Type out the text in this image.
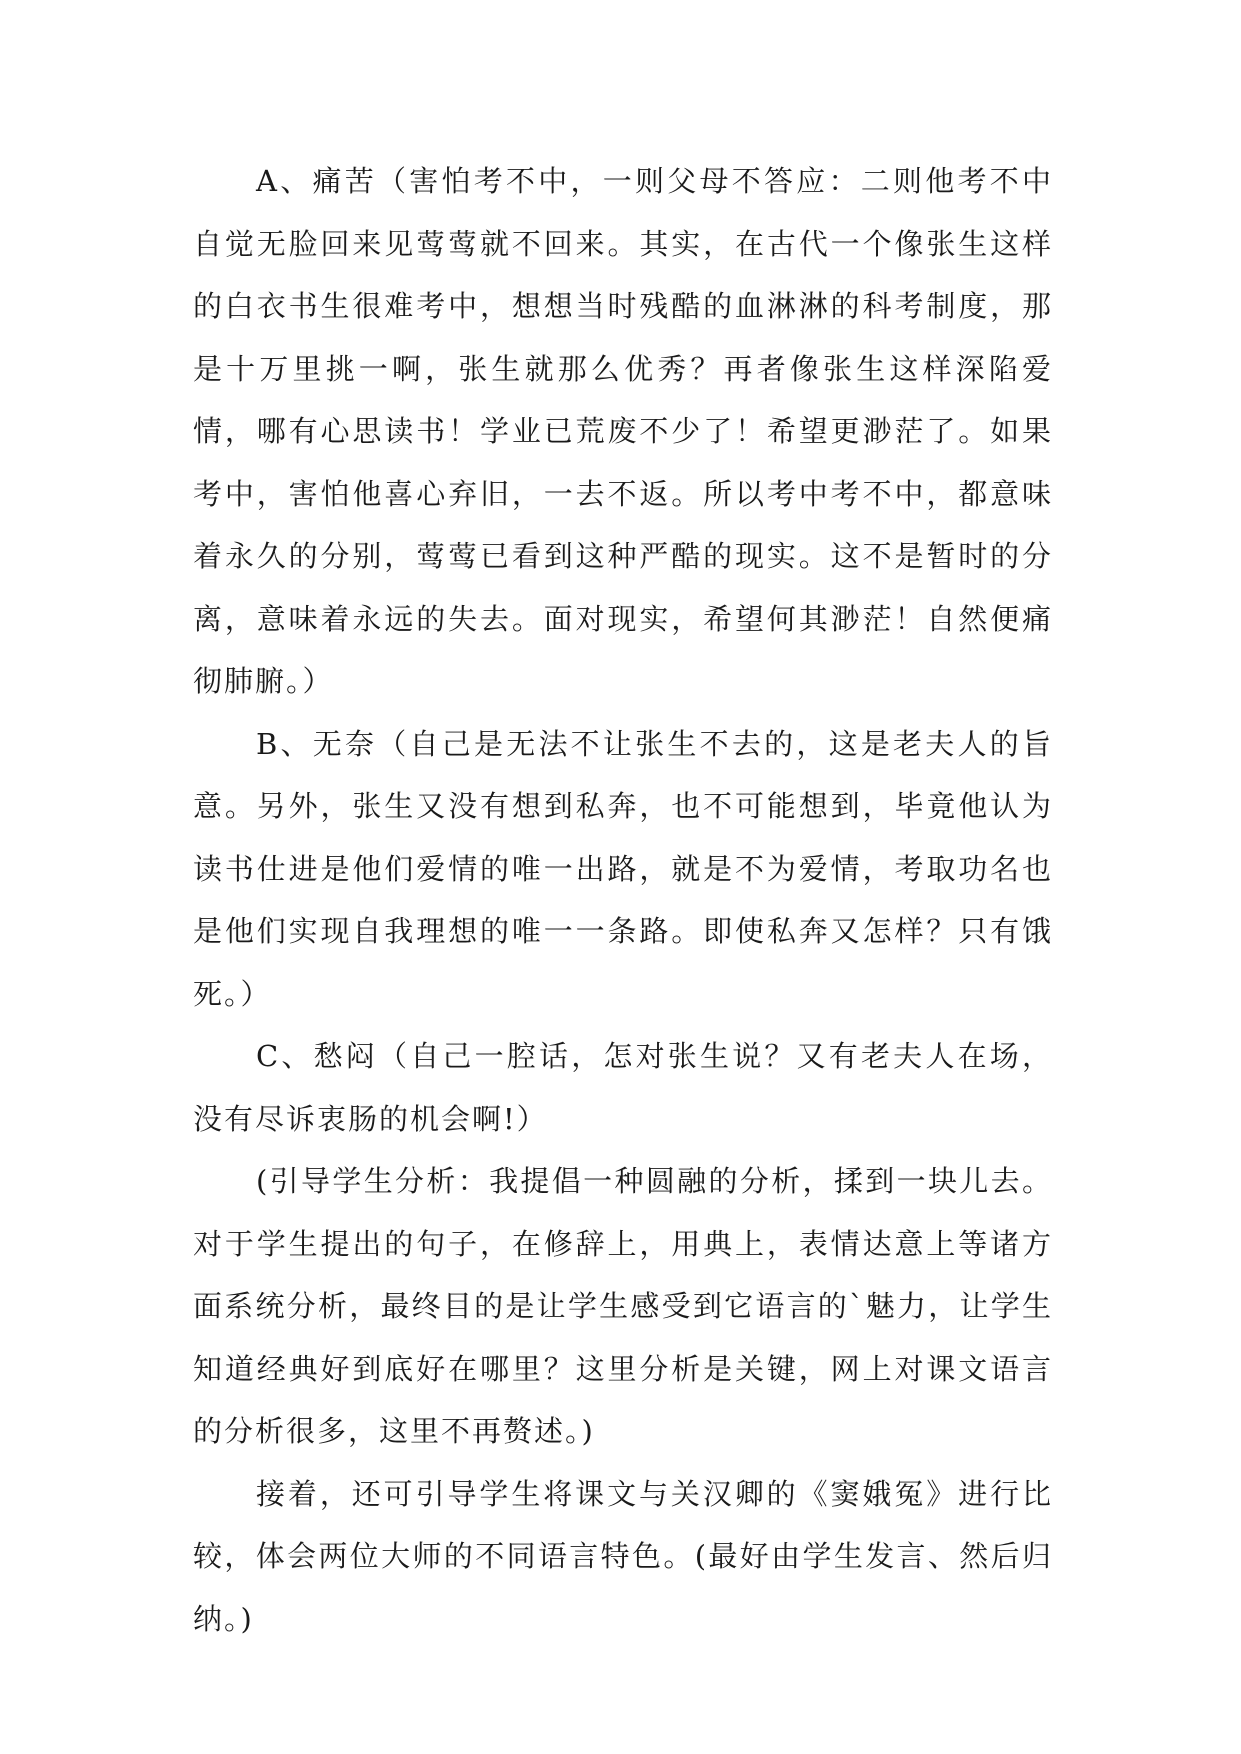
A、痛苦（害怕考不中，一则父母不答应：二则他考不中自觉无脸回来见莺莺就不回来。其实，在古代一个像张生这样的白衣书生很难考中，想想当时残酷的血淋淋的科考制度，那是十万里挑一啊，张生就那么优秀？再者像张生这样深陷爱情，哪有心思读书！学业已荒废不少了！希望更渺茫了。如果考中，害怕他喜心弃旧，一去不返。所以考中考不中，都意味着永久的分别，莺莺已看到这种严酷的现实。这不是暂时的分离，意味着永远的失去。面对现实，希望何其渺茫！自然便痛彻肺腑。）

B、无奈（自己是无法不让张生不去的，这是老夫人的旨意。另外，张生又没有想到私奔，也不可能想到，毕竟他认为读书仕进是他们爱情的唯一出路，就是不为爱情，考取功名也是他们实现自我理想的唯一一条路。即使私奔又怎样？只有饿死。）

C、愁闷（自己一腔话，怎对张生说？又有老夫人在场，没有尽诉衷肠的机会啊!）

(引导学生分析：我提倡一种圆融的分析，揉到一块儿去。对于学生提出的句子，在修辞上，用典上，表情达意上等诸方面系统分析，最终目的是让学生感受到它语言的`魅力，让学生知道经典好到底好在哪里？这里分析是关键，网上对课文语言的分析很多，这里不再赘述。)

接着，还可引导学生将课文与关汉卿的《窦娥冤》进行比较，体会两位大师的不同语言特色。(最好由学生发言、然后归纳。)
